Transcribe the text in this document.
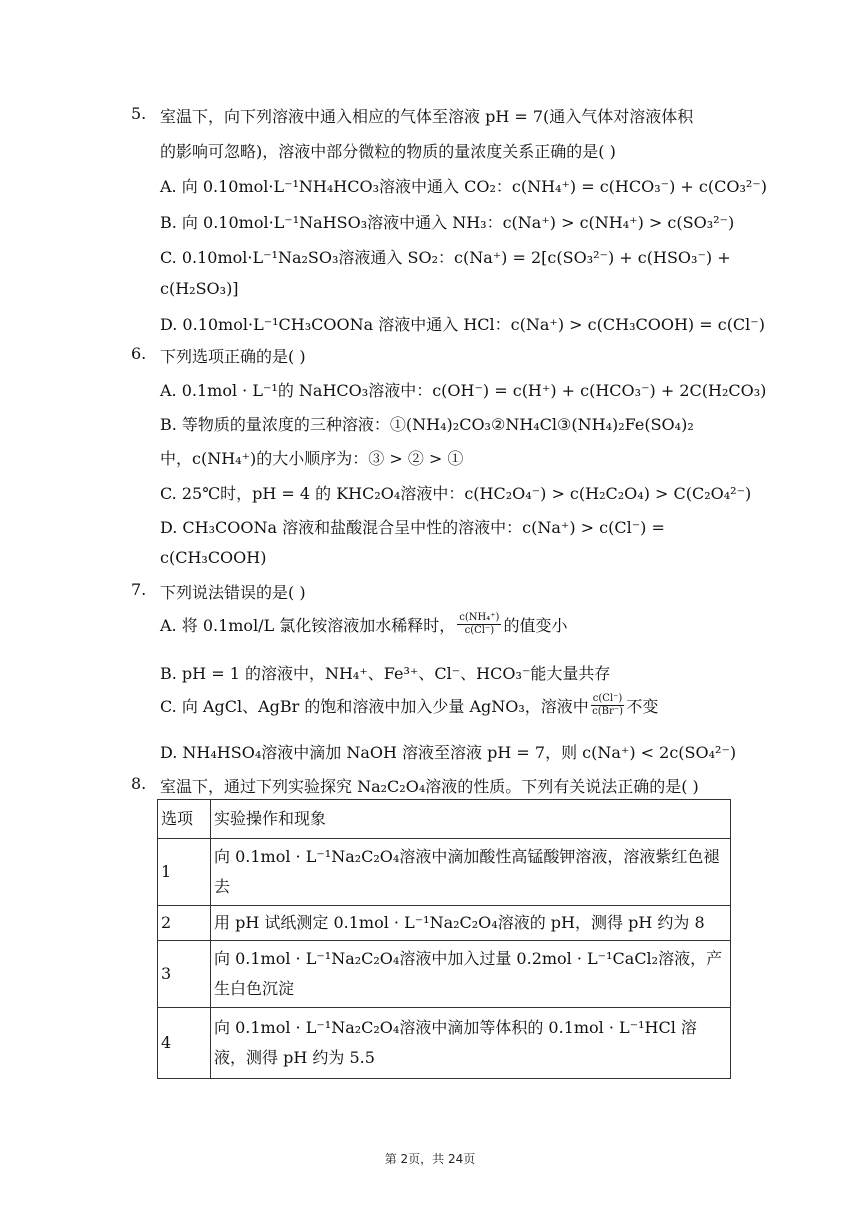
5. 室温下，向下列溶液中通入相应的气体至溶液 pH = 7(通入气体对溶液体积
的影响可忽略)，溶液中部分微粒的物质的量浓度关系正确的是( )
A. 向 0.10mol·L⁻¹NH₄HCO₃溶液中通入 CO₂：c(NH₄⁺) = c(HCO₃⁻) + c(CO₃²⁻)
B. 向 0.10mol·L⁻¹NaHSO₃溶液中通入 NH₃：c(Na⁺) > c(NH₄⁺) > c(SO₃²⁻)
C. 0.10mol·L⁻¹Na₂SO₃溶液通入 SO₂：c(Na⁺) = 2[c(SO₃²⁻) + c(HSO₃⁻) +
c(H₂SO₃)]
D. 0.10mol·L⁻¹CH₃COONa 溶液中通入 HCl：c(Na⁺) > c(CH₃COOH) = c(Cl⁻)
6. 下列选项正确的是( )
A. 0.1mol · L⁻¹的 NaHCO₃溶液中：c(OH⁻) = c(H⁺) + c(HCO₃⁻) + 2C(H₂CO₃)
B. 等物质的量浓度的三种溶液：①(NH₄)₂CO₃②NH₄Cl③(NH₄)₂Fe(SO₄)₂
中，c(NH₄⁺)的大小顺序为：③ > ② > ①
C. 25℃时，pH = 4 的 KHC₂O₄溶液中：c(HC₂O₄⁻) > c(H₂C₂O₄) > C(C₂O₄²⁻)
D. CH₃COONa 溶液和盐酸混合呈中性的溶液中：c(Na⁺) > c(Cl⁻) =
c(CH₃COOH)
7. 下列说法错误的是( )
A. 将 0.1mol/L 氯化铵溶液加水稀释时， $\frac{\text{c(NH₄⁺)}}{c(Cl^-)}$ 的值变小
B. pH = 1 的溶液中，NH₄⁺、Fe³⁺、Cl⁻、HCO₃⁻能大量共存
C. 向 AgCl、AgBr 的饱和溶液中加入少量 AgNO₃，溶液中 $\frac{c(Cl^-)}{c(Br^-)}$ 不变
D. NH₄HSO₄溶液中滴加 NaOH 溶液至溶液 pH = 7，则 c(Na⁺) < 2c(SO₄²⁻)
8. 室温下，通过下列实验探究 Na₂C₂O₄溶液的性质。下列有关说法正确的是( )
选项	实验操作和现象
1	向 0.1mol · L⁻¹Na₂C₂O₄溶液中滴加酸性高锰酸钾溶液，溶液紫红色褪去
2	用 pH 试纸测定 0.1mol · L⁻¹Na₂C₂O₄溶液的 pH，测得 pH 约为 8
3	向 0.1mol · L⁻¹Na₂C₂O₄溶液中加入过量 0.2mol · L⁻¹CaCl₂溶液，产生白色沉淀
4	向 0.1mol · L⁻¹Na₂C₂O₄溶液中滴加等体积的 0.1mol · L⁻¹HCl 溶液，测得 pH 约为 5.5
第 2页，共 24页
